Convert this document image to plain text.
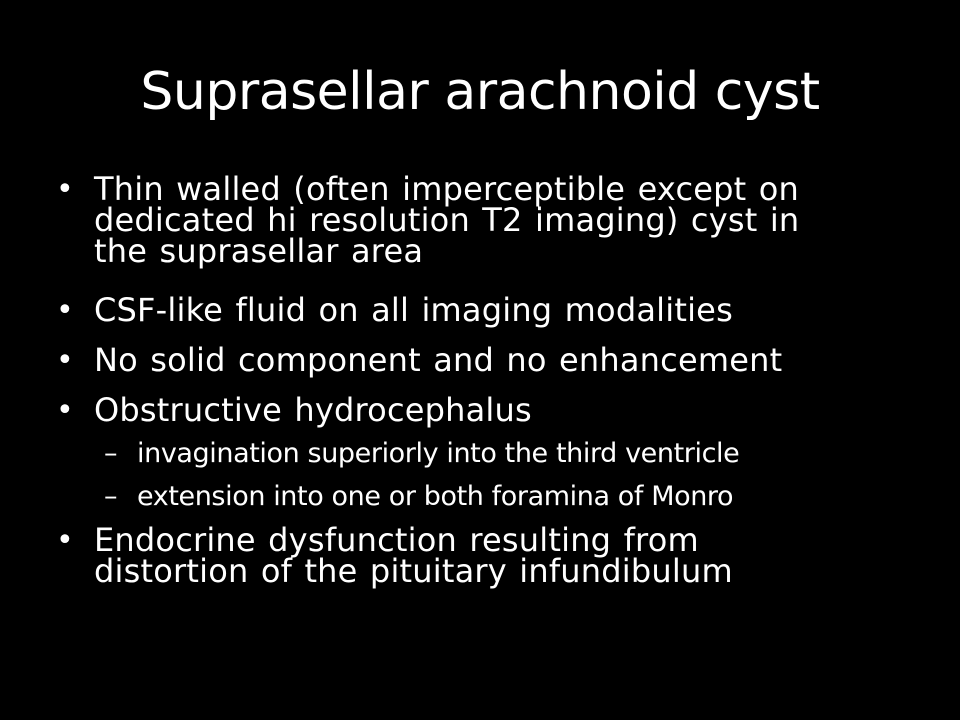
Suprasellar arachnoid cyst
• Thin walled (often imperceptible except on
dedicated hi resolution T2 imaging) cyst in
the suprasellar area
• CSF-like fluid on all imaging modalities
• No solid component and no enhancement
• Obstructive hydrocephalus
– invagination superiorly into the third ventricle
– extension into one or both foramina of Monro
• Endocrine dysfunction resulting from
distortion of the pituitary infundibulum
